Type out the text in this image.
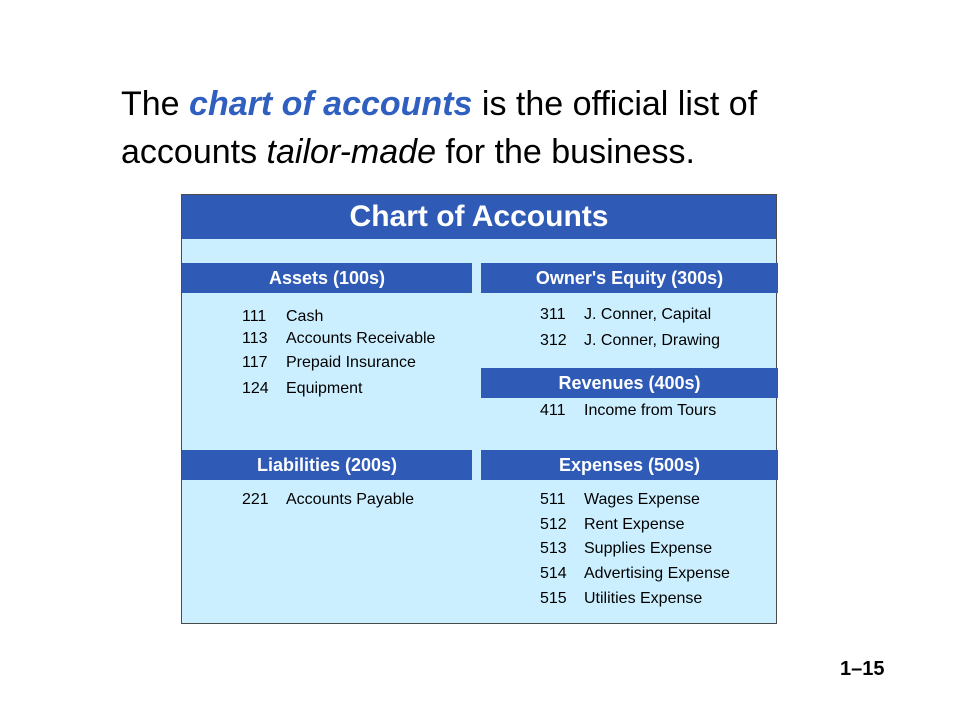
The chart of accounts is the official list of accounts tailor-made for the business.
Chart of Accounts
Assets (100s)
111 Cash
113 Accounts Receivable
117 Prepaid Insurance
124 Equipment
Owner's Equity (300s)
311 J. Conner, Capital
312 J. Conner, Drawing
Revenues (400s)
411 Income from Tours
Liabilities (200s)
221 Accounts Payable
Expenses (500s)
511 Wages Expense
512 Rent Expense
513 Supplies Expense
514 Advertising Expense
515 Utilities Expense
1–15
